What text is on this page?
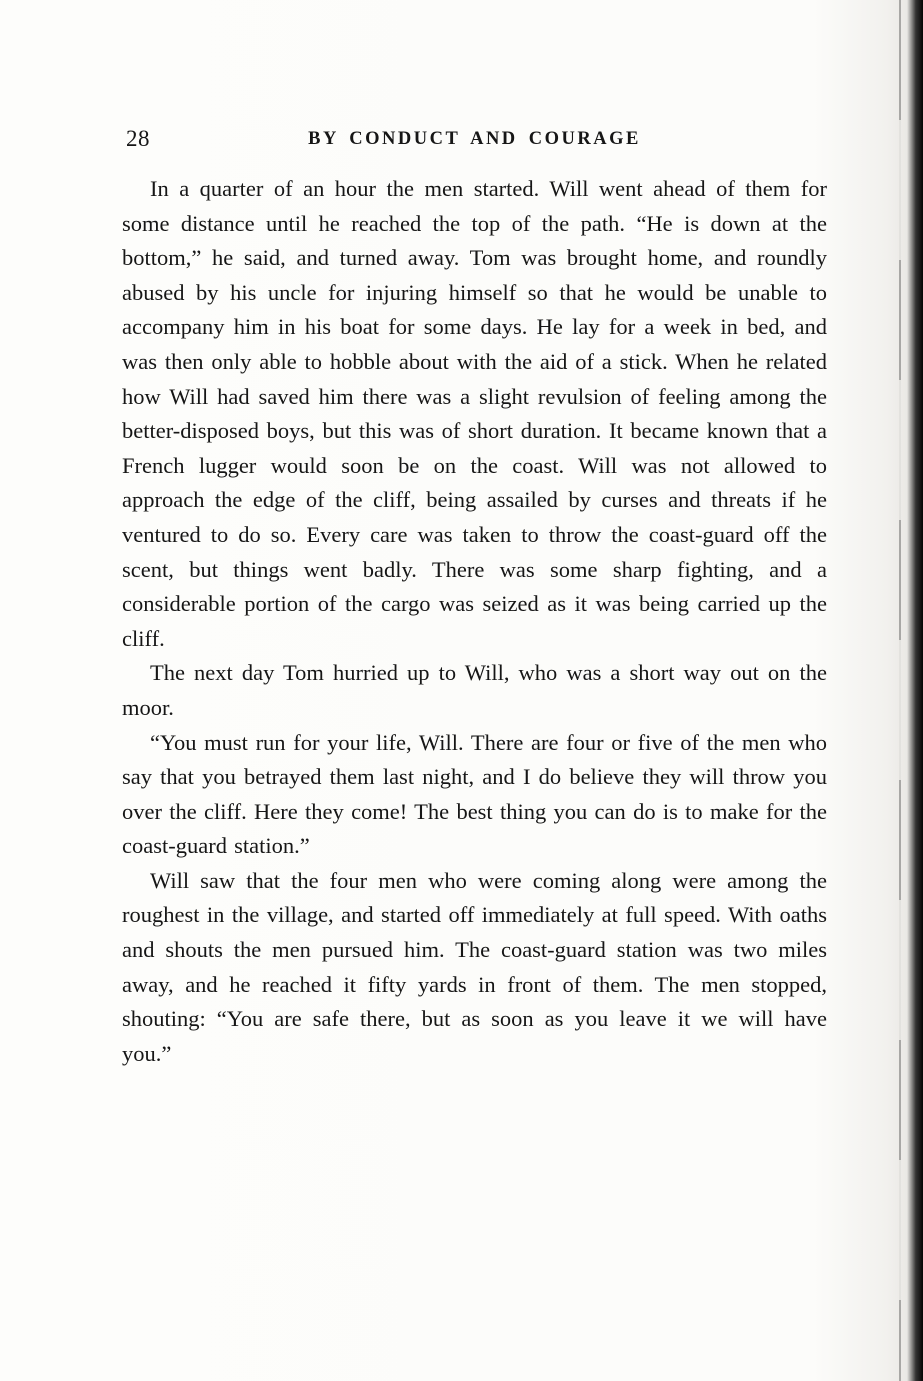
28	BY CONDUCT AND COURAGE

In a quarter of an hour the men started. Will went ahead of them for some distance until he reached the top of the path. “He is down at the bottom,” he said, and turned away. Tom was brought home, and roundly abused by his uncle for injuring himself so that he would be unable to accompany him in his boat for some days. He lay for a week in bed, and was then only able to hobble about with the aid of a stick. When he related how Will had saved him there was a slight revulsion of feeling among the better-disposed boys, but this was of short duration. It became known that a French lugger would soon be on the coast. Will was not allowed to approach the edge of the cliff, being assailed by curses and threats if he ventured to do so. Every care was taken to throw the coast-guard off the scent, but things went badly. There was some sharp fighting, and a considerable portion of the cargo was seized as it was being carried up the cliff.

The next day Tom hurried up to Will, who was a short way out on the moor.

“You must run for your life, Will. There are four or five of the men who say that you betrayed them last night, and I do believe they will throw you over the cliff. Here they come! The best thing you can do is to make for the coast-guard station.”

Will saw that the four men who were coming along were among the roughest in the village, and started off immediately at full speed. With oaths and shouts the men pursued him. The coast-guard station was two miles away, and he reached it fifty yards in front of them. The men stopped, shouting: “You are safe there, but as soon as you leave it we will have you.”
